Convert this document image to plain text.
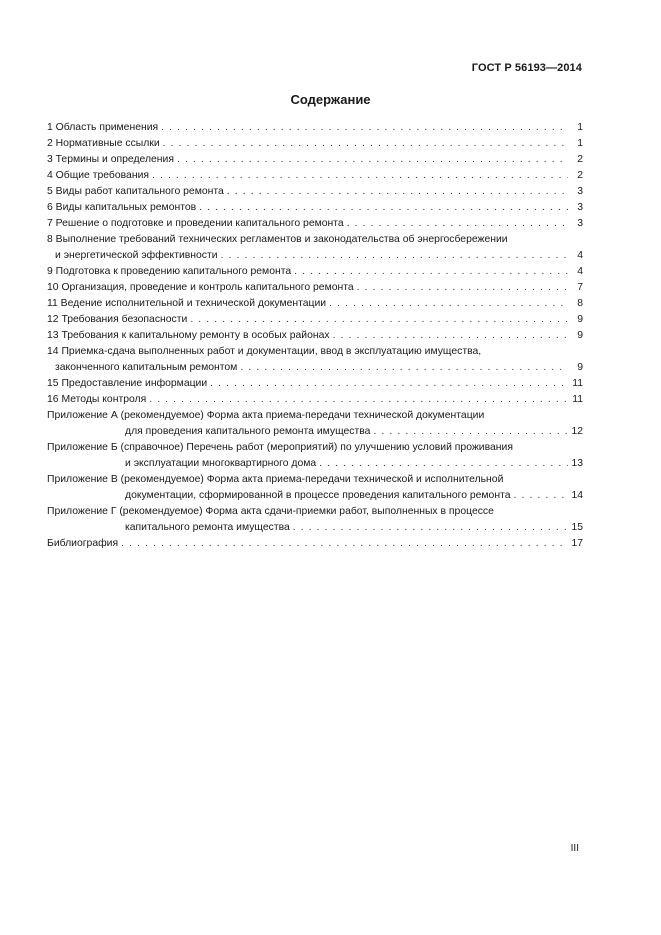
ГОСТ Р 56193—2014
Содержание
1 Область применения . . .	1
2 Нормативные ссылки . . .	1
3 Термины и определения . . .	2
4 Общие требования . . .	2
5 Виды работ капитального ремонта . . .	3
6 Виды капитальных ремонтов . . .	3
7 Решение о подготовке и проведении капитального ремонта . . .	3
8 Выполнение требований технических регламентов и законодательства об энергосбережении
и энергетической эффективности . . .	4
9 Подготовка к проведению капитального ремонта . . .	4
10 Организация, проведение и контроль капитального ремонта . . .	7
11 Ведение исполнительной и технической документации . . .	8
12 Требования безопасности . . .	9
13 Требования к капитальному ремонту в особых районах . . .	9
14 Приемка-сдача выполненных работ и документации, ввод в эксплуатацию имущества,
законченного капитальным ремонтом . . .	9
15 Предоставление информации . . .	11
16 Методы контроля . . .	11
Приложение А (рекомендуемое) Форма акта приема-передачи технической документации
для проведения капитального ремонта имущества . . .	12
Приложение Б (справочное) Перечень работ (мероприятий) по улучшению условий проживания
и эксплуатации многоквартирного дома . . .	13
Приложение В (рекомендуемое) Форма акта приема-передачи технической и исполнительной
документации, сформированной в процессе проведения капитального ремонта . . .	14
Приложение Г (рекомендуемое) Форма акта сдачи-приемки работ, выполненных в процессе
капитального ремонта имущества . . .	15
Библиография . . .	17
III
